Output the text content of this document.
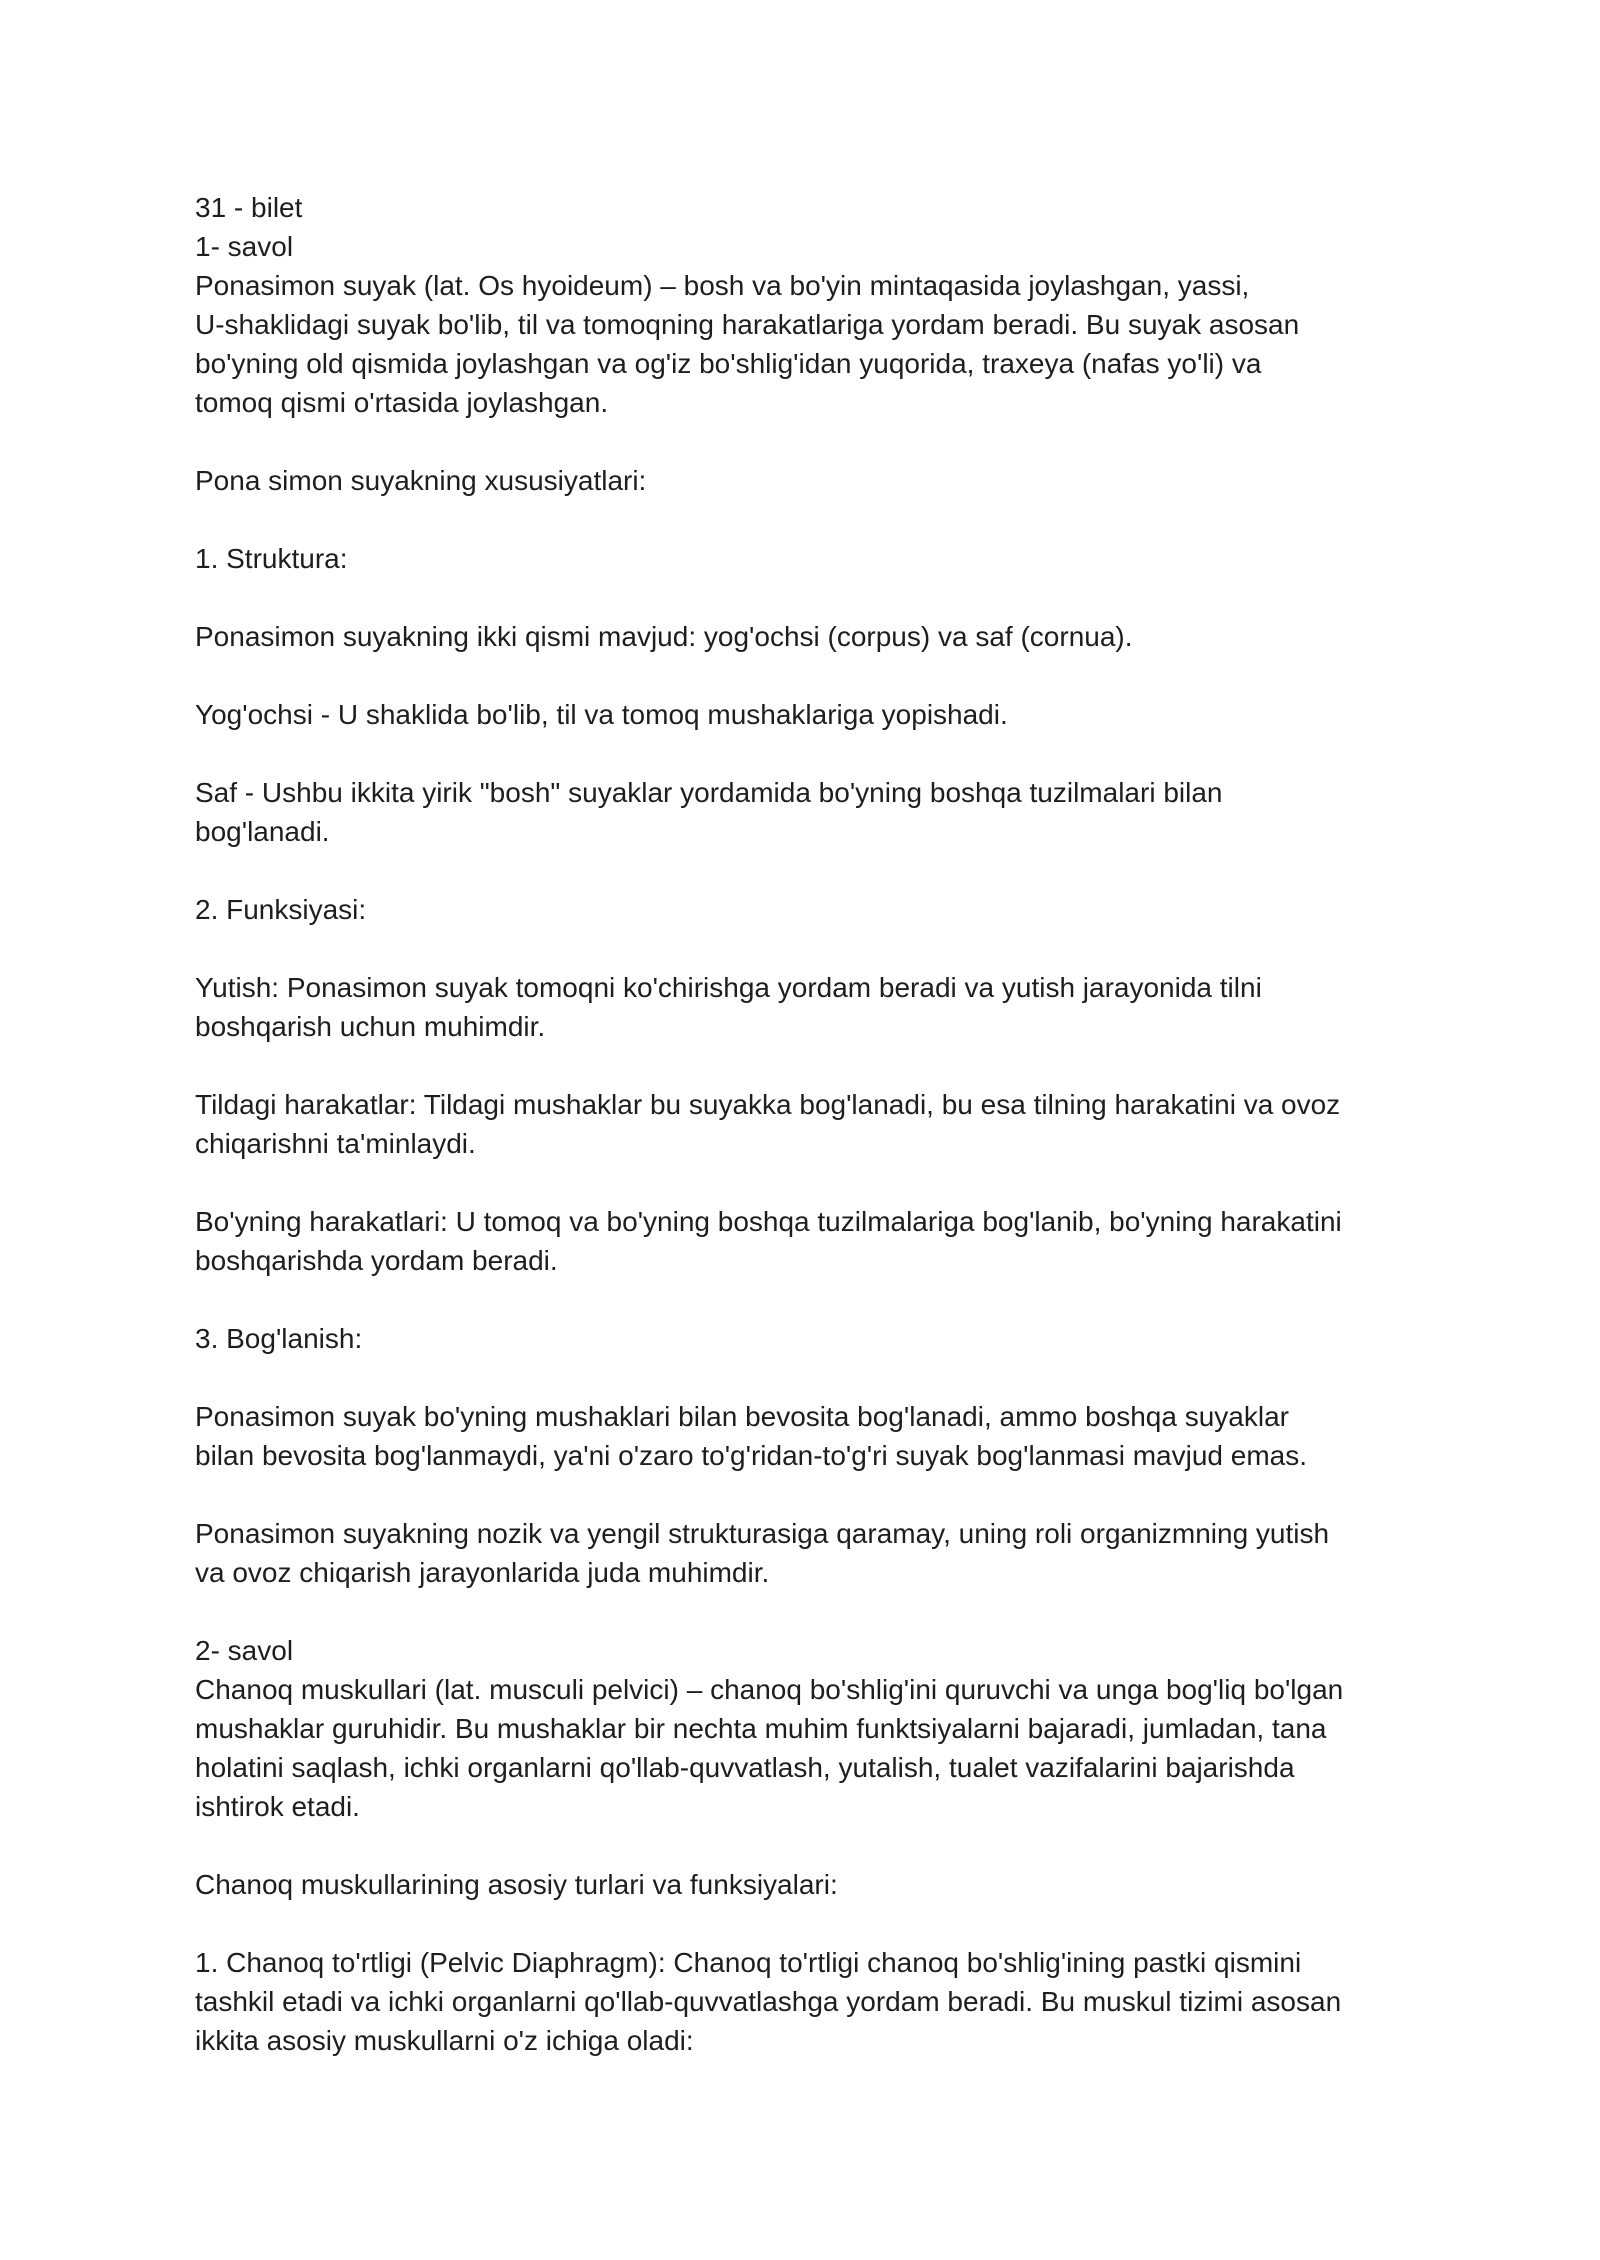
31 - bilet
1- savol
Ponasimon suyak (lat. Os hyoideum) – bosh va bo'yin mintaqasida joylashgan, yassi,
U-shaklidagi suyak bo'lib, til va tomoqning harakatlariga yordam beradi. Bu suyak asosan
bo'yning old qismida joylashgan va og'iz bo'shlig'idan yuqorida, traxeya (nafas yo'li) va
tomoq qismi o'rtasida joylashgan.
Pona simon suyakning xususiyatlari:
1. Struktura:
Ponasimon suyakning ikki qismi mavjud: yog'ochsi (corpus) va saf (cornua).
Yog'ochsi - U shaklida bo'lib, til va tomoq mushaklariga yopishadi.
Saf - Ushbu ikkita yirik "bosh" suyaklar yordamida bo'yning boshqa tuzilmalari bilan
bog'lanadi.
2. Funksiyasi:
Yutish: Ponasimon suyak tomoqni ko'chirishga yordam beradi va yutish jarayonida tilni
boshqarish uchun muhimdir.
Tildagi harakatlar: Tildagi mushaklar bu suyakka bog'lanadi, bu esa tilning harakatini va ovoz
chiqarishni ta'minlaydi.
Bo'yning harakatlari: U tomoq va bo'yning boshqa tuzilmalariga bog'lanib, bo'yning harakatini
boshqarishda yordam beradi.
3. Bog'lanish:
Ponasimon suyak bo'yning mushaklari bilan bevosita bog'lanadi, ammo boshqa suyaklar
bilan bevosita bog'lanmaydi, ya'ni o'zaro to'g'ridan-to'g'ri suyak bog'lanmasi mavjud emas.
Ponasimon suyakning nozik va yengil strukturasiga qaramay, uning roli organizmning yutish
va ovoz chiqarish jarayonlarida juda muhimdir.
2- savol
Chanoq muskullari (lat. musculi pelvici) – chanoq bo'shlig'ini quruvchi va unga bog'liq bo'lgan
mushaklar guruhidir. Bu mushaklar bir nechta muhim funktsiyalarni bajaradi, jumladan, tana
holatini saqlash, ichki organlarni qo'llab-quvvatlash, yutalish, tualet vazifalarini bajarishda
ishtirok etadi.
Chanoq muskullarining asosiy turlari va funksiyalari:
1. Chanoq to'rtligi (Pelvic Diaphragm): Chanoq to'rtligi chanoq bo'shlig'ining pastki qismini
tashkil etadi va ichki organlarni qo'llab-quvvatlashga yordam beradi. Bu muskul tizimi asosan
ikkita asosiy muskullarni o'z ichiga oladi:
